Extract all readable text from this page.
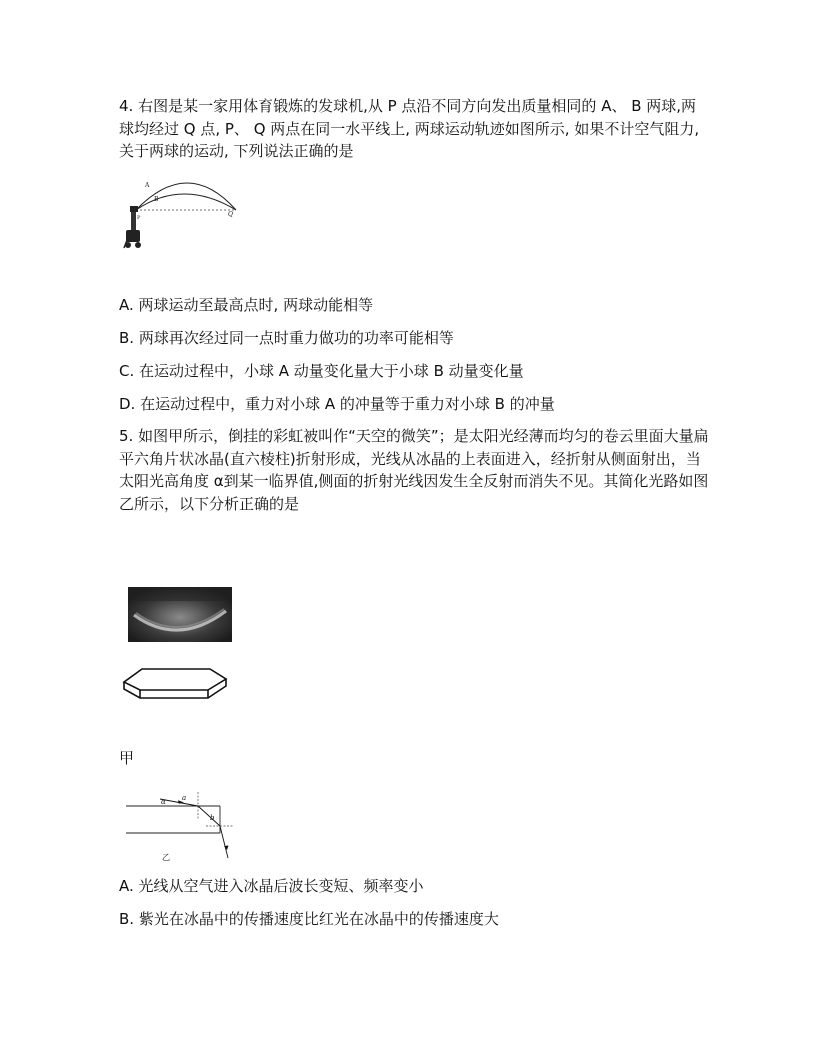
4. 右图是某一家用体育锻炼的发球机,从 P 点沿不同方向发出质量相同的 A、 B 两球,两球均经过 Q 点, P、 Q 两点在同一水平线上, 两球运动轨迹如图所示, 如果不计空气阻力, 关于两球的运动, 下列说法正确的是

A
B
P	Q
A. 两球运动至最高点时, 两球动能相等
B. 两球再次经过同一点时重力做功的功率可能相等
C. 在运动过程中，小球 A 动量变化量大于小球 B 动量变化量
D. 在运动过程中，重力对小球 A 的冲量等于重力对小球 B 的冲量

5. 如图甲所示，倒挂的彩虹被叫作“天空的微笑”；是太阳光经薄而均匀的卷云里面大量扁平六角片状冰晶(直六棱柱)折射形成，光线从冰晶的上表面进入，经折射从侧面射出，当太阳光高角度 α到某一临界值,侧面的折射光线因发生全反射而消失不见。其简化光路如图乙所示，以下分析正确的是

甲
α a
b
乙
A. 光线从空气进入冰晶后波长变短、频率变小
B. 紫光在冰晶中的传播速度比红光在冰晶中的传播速度大
